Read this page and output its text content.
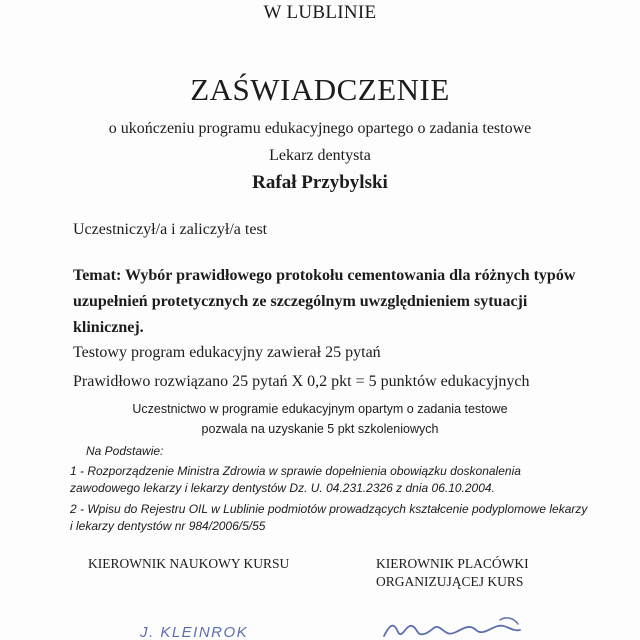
W LUBLINIE
ZAŚWIADCZENIE
o ukończeniu programu edukacyjnego opartego o zadania testowe
Lekarz dentysta
Rafał Przybylski
Uczestniczył/a i zaliczył/a test
Temat: Wybór prawidłowego protokołu cementowania dla różnych typów uzupełnień protetycznych ze szczególnym uwzględnieniem sytuacji klinicznej.
Testowy program edukacyjny zawierał 25 pytań
Prawidłowo rozwiązano 25 pytań X 0,2 pkt = 5 punktów edukacyjnych
Uczestnictwo w programie edukacyjnym opartym o zadania testowe
pozwala na uzyskanie 5 pkt szkoleniowych
Na Podstawie:
1 - Rozporządzenie Ministra Zdrowia w sprawie dopełnienia obowiązku doskonalenia zawodowego lekarzy i lekarzy dentystów Dz. U. 04.231.2326 z dnia 06.10.2004.
2 - Wpisu do Rejestru OIL w Lublinie podmiotów prowadzących kształcenie podyplomowe lekarzy i lekarzy dentystów nr 984/2006/5/55
KIEROWNIK NAUKOWY KURSU	KIEROWNIK PLACÓWKI
ORGANIZUJĄCEJ KURS
J. KLEINROK
